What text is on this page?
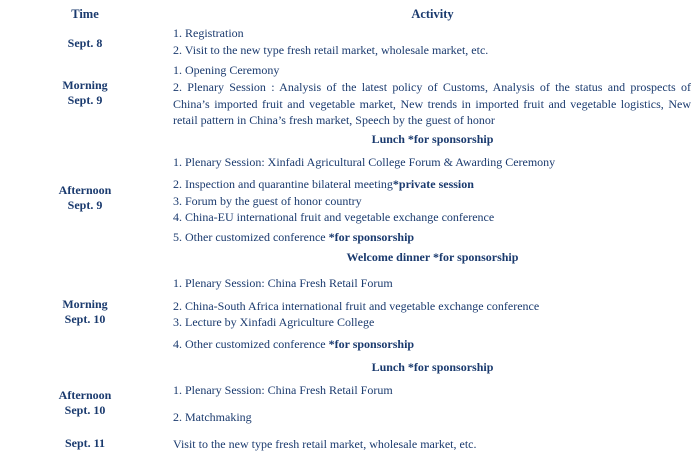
Time	Activity
Sept. 8
1. Registration
2. Visit to the new type fresh retail market, wholesale market, etc.
Morning
Sept. 9
1. Opening Ceremony
2. Plenary Session : Analysis of the latest policy of Customs, Analysis of the status and prospects of China’s imported fruit and vegetable market, New trends in imported fruit and vegetable logistics, New retail pattern in China’s fresh market, Speech by the guest of honor
Lunch *for sponsorship
Afternoon
Sept. 9
1. Plenary Session: Xinfadi Agricultural College Forum & Awarding Ceremony
2. Inspection and quarantine bilateral meeting*private session
3. Forum by the guest of honor country
4. China-EU international fruit and vegetable exchange conference
5. Other customized conference *for sponsorship
Welcome dinner *for sponsorship
Morning
Sept. 10
1. Plenary Session: China Fresh Retail Forum
2. China-South Africa international fruit and vegetable exchange conference
3. Lecture by Xinfadi Agriculture College
4. Other customized conference *for sponsorship
Lunch *for sponsorship
Afternoon
Sept. 10
1. Plenary Session: China Fresh Retail Forum
2. Matchmaking
Sept. 11	Visit to the new type fresh retail market, wholesale market, etc.
